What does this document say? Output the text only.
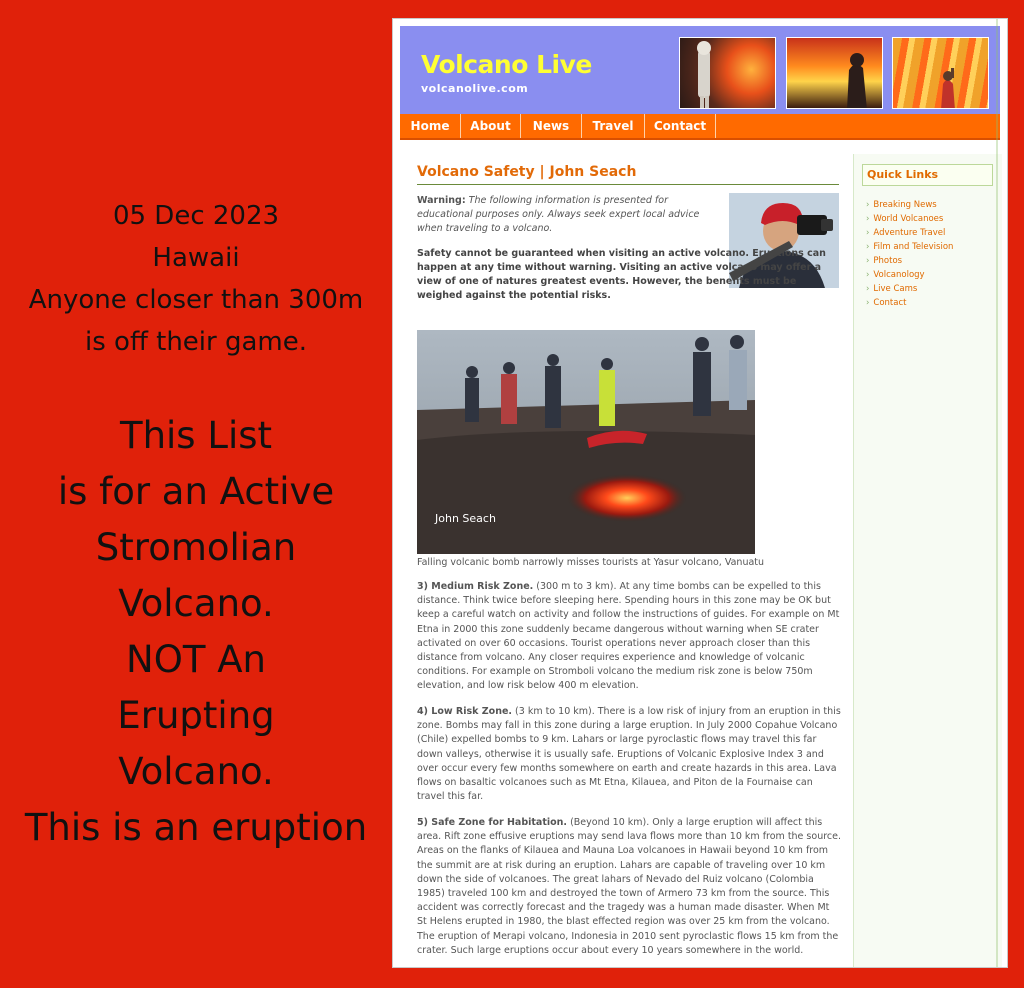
05 Dec 2023
Hawaii
Anyone closer than 300m
is off their game.
This List
is for an Active
Stromolian
Volcano.
NOT An
Erupting
Volcano.
This is an eruption
Volcano Live
volcanolive.com
Home	About	News	Travel	Contact
Volcano Safety | John Seach
Warning: The following information is presented for educational purposes only. Always seek expert local advice when traveling to a volcano.
Safety cannot be guaranteed when visiting an active volcano. Eruptions can happen at any time without warning. Visiting an active volcano may offer a view of one of natures greatest events. However, the benefits must be weighed against the potential risks.
John Seach
Falling volcanic bomb narrowly misses tourists at Yasur volcano, Vanuatu
3) Medium Risk Zone. (300 m to 3 km). At any time bombs can be expelled to this distance. Think twice before sleeping here. Spending hours in this zone may be OK but keep a careful watch on activity and follow the instructions of guides. For example on Mt Etna in 2000 this zone suddenly became dangerous without warning when SE crater activated on over 60 occasions. Tourist operations never approach closer than this distance from volcano. Any closer requires experience and knowledge of volcanic conditions. For example on Stromboli volcano the medium risk zone is below 750m elevation, and low risk below 400 m elevation.
4) Low Risk Zone. (3 km to 10 km). There is a low risk of injury from an eruption in this zone. Bombs may fall in this zone during a large eruption. In July 2000 Copahue Volcano (Chile) expelled bombs to 9 km. Lahars or large pyroclastic flows may travel this far down valleys, otherwise it is usually safe. Eruptions of Volcanic Explosive Index 3 and over occur every few months somewhere on earth and create hazards in this area. Lava flows on basaltic volcanoes such as Mt Etna, Kilauea, and Piton de la Fournaise can travel this far.
5) Safe Zone for Habitation. (Beyond 10 km). Only a large eruption will affect this area. Rift zone effusive eruptions may send lava flows more than 10 km from the source. Areas on the flanks of Kilauea and Mauna Loa volcanoes in Hawaii beyond 10 km from the summit are at risk during an eruption. Lahars are capable of traveling over 10 km down the side of volcanoes. The great lahars of Nevado del Ruiz volcano (Colombia 1985) traveled 100 km and destroyed the town of Armero 73 km from the source. This accident was correctly forecast and the tragedy was a human made disaster. When Mt St Helens erupted in 1980, the blast effected region was over 25 km from the volcano. The eruption of Merapi volcano, Indonesia in 2010 sent pyroclastic flows 15 km from the crater. Such large eruptions occur about every 10 years somewhere in the world.
Quick Links
› Breaking News
› World Volcanoes
› Adventure Travel
› Film and Television
› Photos
› Volcanology
› Live Cams
› Contact
